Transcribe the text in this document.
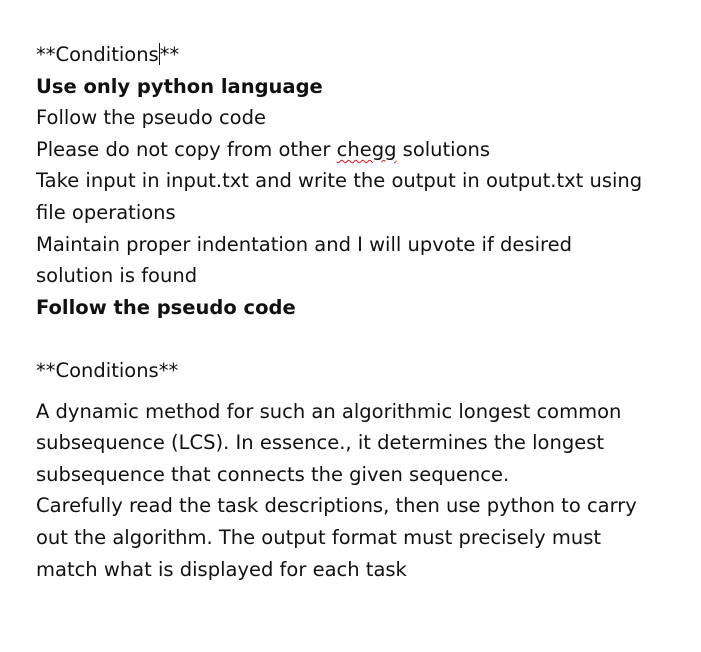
**Conditions**
Use only python language
Follow the pseudo code
Please do not copy from other chegg solutions
Take input in input.txt and write the output in output.txt using
file operations
Maintain proper indentation and I will upvote if desired
solution is found
Follow the pseudo code

**Conditions**
A dynamic method for such an algorithmic longest common
subsequence (LCS). In essence., it determines the longest
subsequence that connects the given sequence.
Carefully read the task descriptions, then use python to carry
out the algorithm. The output format must precisely must
match what is displayed for each task
